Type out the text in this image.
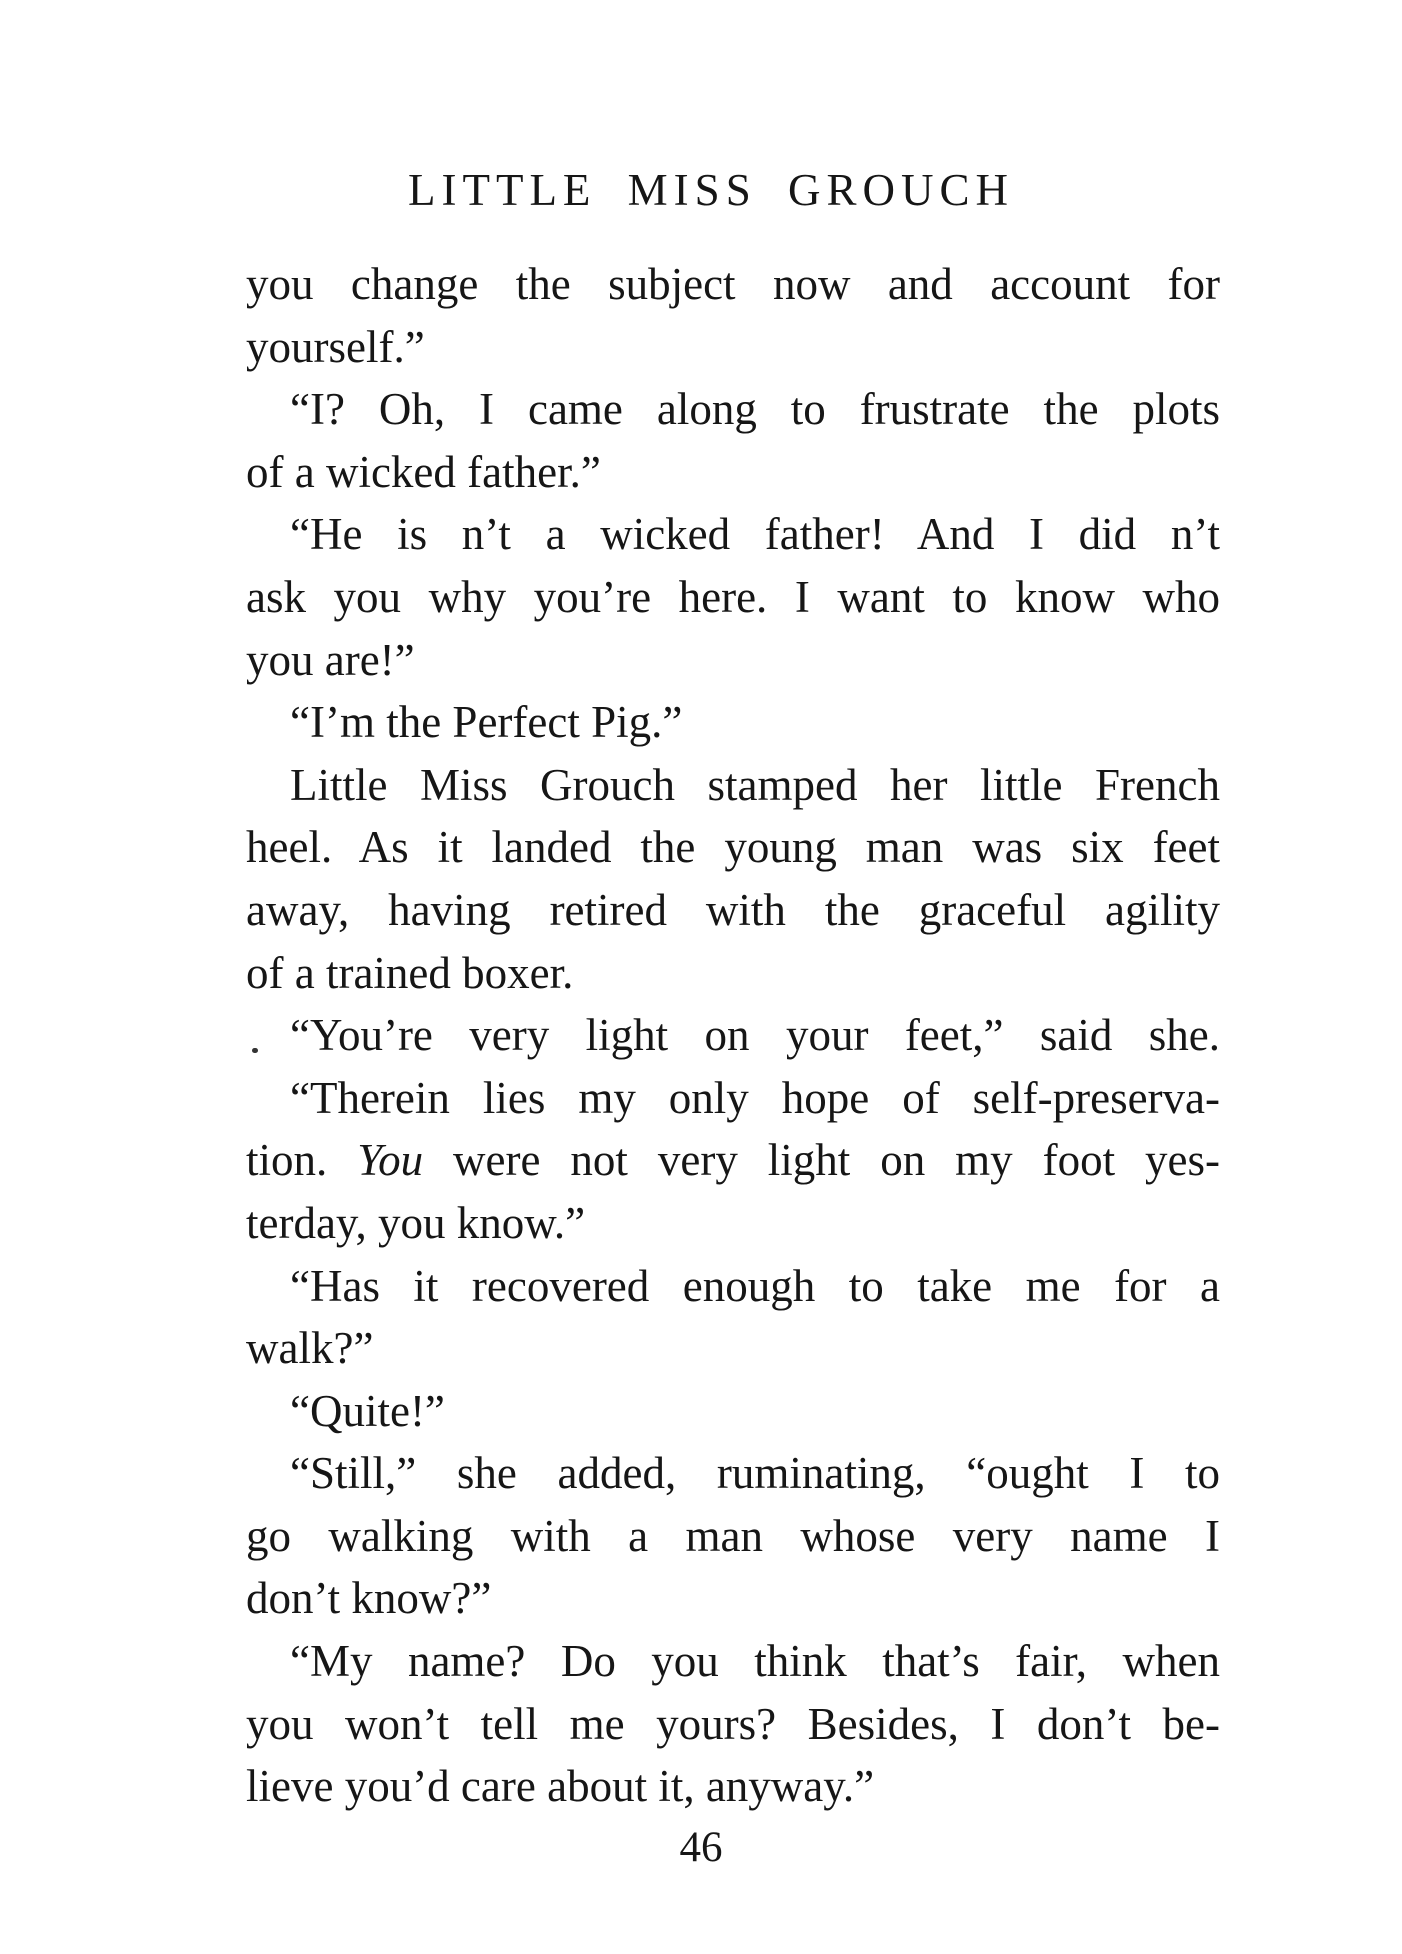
LITTLE MISS GROUCH
you change the subject now and account for
yourself.”
“I? Oh, I came along to frustrate the plots
of a wicked father.”
“He is n’t a wicked father! And I did n’t
ask you why you’re here. I want to know who
you are!”
“I’m the Perfect Pig.”
Little Miss Grouch stamped her little French
heel. As it landed the young man was six feet
away, having retired with the graceful agility
of a trained boxer.
“You’re very light on your feet,” said she.
“Therein lies my only hope of self-preserva-
tion. You were not very light on my foot yes-
terday, you know.”
“Has it recovered enough to take me for a
walk?”
“Quite!”
“Still,” she added, ruminating, “ought I to
go walking with a man whose very name I
don’t know?”
“My name? Do you think that’s fair, when
you won’t tell me yours? Besides, I don’t be-
lieve you’d care about it, anyway.”
46
